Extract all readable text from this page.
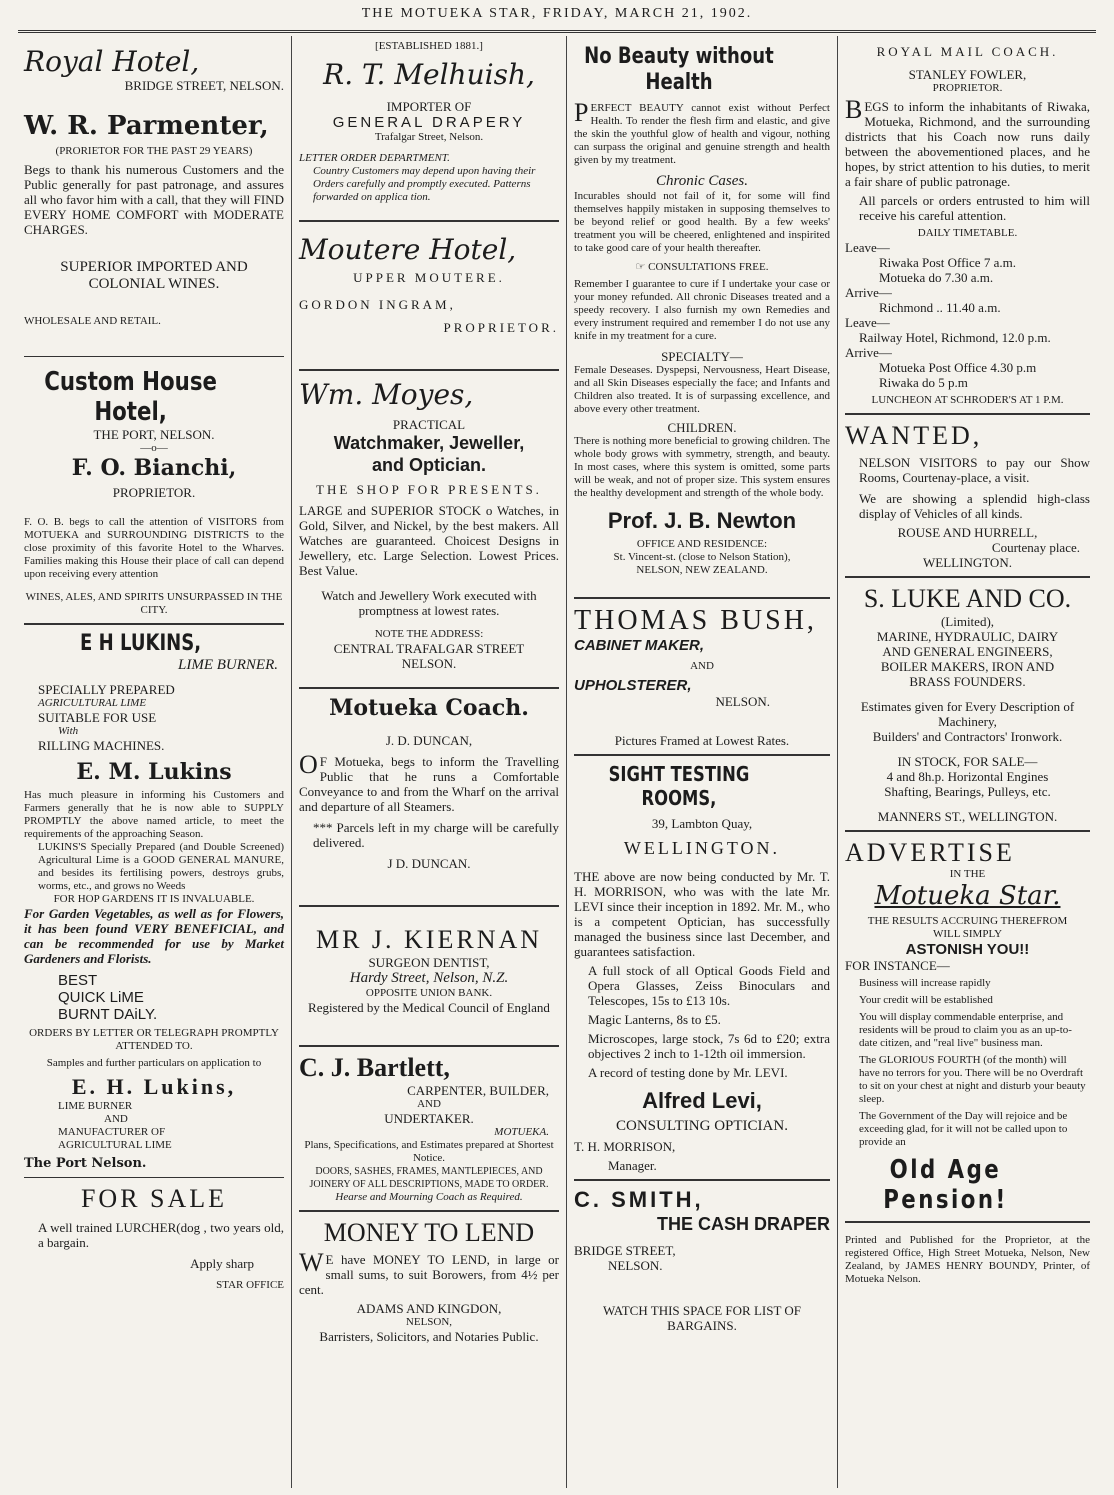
THE MOTUEKA STAR, FRIDAY, MARCH 21, 1902.

Royal Hotel,

BRIDGE STREET, NELSON.

W. R. Parmenter,

(PRORIETOR FOR THE PAST 29 YEARS)

Begs to thank his numerous Customers and the Public generally for past patronage, and assures all who favor him with a call, that they will FIND EVERY HOME COMFORT with MODERATE CHARGES.

SUPERIOR IMPORTED AND COLONIAL WINES.

WHOLESALE AND RETAIL.

Custom House Hotel,

THE PORT, NELSON.

—o—

F. O. Bianchi,

PROPRIETOR.

F. O. B. begs to call the attention of VISITORS from MOTUEKA and SURROUNDING DISTRICTS to the close proximity of this favorite Hotel to the Wharves. Families making this House their place of call can depend upon receiving every attention

WINES, ALES, AND SPIRITS UNSURPASSED IN THE CITY.

E H LUKINS,

LIME BURNER.

SPECIALLY PREPARED

AGRICULTURAL LIME

SUITABLE FOR USE

With

RILLING MACHINES.

E. M. Lukins

Has much pleasure in informing his Customers and Farmers generally that he is now able to SUPPLY PROMPTLY the above named article, to meet the requirements of the approaching Season.

LUKINS'S Specially Prepared (and Double Screened) Agricultural Lime is a GOOD GENERAL MANURE, and besides its fertilising powers, destroys grubs, worms, etc., and grows no Weeds

FOR HOP GARDENS IT IS INVALUABLE.

For Garden Vegetables, as well as for Flowers, it has been found VERY BENEFICIAL, and can be recommended for use by Market Gardeners and Florists.

BEST

QUICK LiME

BURNT DAiLY.

ORDERS BY LETTER OR TELEGRAPH PROMPTLY ATTENDED TO.

Samples and further particulars on application to

E. H. Lukins,

LIME BURNER

AND

MANUFACTURER OF

AGRICULTURAL LIME

The Port Nelson.

FOR SALE

A well trained LURCHER(dog , two years old, a bargain.

Apply sharp

STAR OFFICE

[ESTABLISHED 1881.]

R. T. Melhuish,

IMPORTER OF

GENERAL DRAPERY

Trafalgar Street, Nelson.

LETTER ORDER DEPARTMENT.

Country Customers may depend upon having their Orders carefully and promptly executed. Patterns forwarded on applica tion.

Moutere Hotel,

UPPER MOUTERE.

GORDON INGRAM,

PROPRIETOR.

Wm. Moyes,

PRACTICAL

Watchmaker, Jeweller,

and Optician.

THE SHOP FOR PRESENTS.

LARGE and SUPERIOR STOCK o Watches, in Gold, Silver, and Nickel, by the best makers. All Watches are guaranteed. Choicest Designs in Jewellery, etc. Large Selection. Lowest Prices. Best Value.

Watch and Jewellery Work executed with promptness at lowest rates.

NOTE THE ADDRESS:

CENTRAL TRAFALGAR STREET

NELSON.

Motueka Coach.

J. D. DUNCAN,

OF Motueka, begs to inform the Travelling Public that he runs a Comfortable Conveyance to and from the Wharf on the arrival and departure of all Steamers.

*** Parcels left in my charge will be carefully delivered.

J D. DUNCAN.

MR J. KIERNAN

SURGEON DENTIST,

Hardy Street, Nelson, N.Z.

OPPOSITE UNION BANK.

Registered by the Medical Council of England

C. J. Bartlett,

CARPENTER, BUILDER,

AND

UNDERTAKER.

MOTUEKA.

Plans, Specifications, and Estimates prepared at Shortest Notice.

DOORS, SASHES, FRAMES, MANTLEPIECES, AND JOINERY OF ALL DESCRIPTIONS, MADE TO ORDER.

Hearse and Mourning Coach as Required.

MONEY TO LEND

WE have MONEY TO LEND, in large or small sums, to suit Borowers, from 4½ per cent.

ADAMS AND KINGDON,

NELSON,

Barristers, Solicitors, and Notaries Public.

No Beauty without Health

PERFECT BEAUTY cannot exist without Perfect Health. To render the flesh firm and elastic, and give the skin the youthful glow of health and vigour, nothing can surpass the original and genuine strength and health given by my treatment.

Chronic Cases.

Incurables should not fail of it, for some will find themselves happily mistaken in supposing themselves to be beyond relief or good health. By a few weeks' treatment you will be cheered, enlightened and inspirited to take good care of your health thereafter.

☞ CONSULTATIONS FREE.

Remember I guarantee to cure if I undertake your case or your money refunded. All chronic Diseases treated and a speedy recovery. I also furnish my own Remedies and every instrument required and remember I do not use any knife in my treatment for a cure.

SPECIALTY—

Female Deseases. Dyspepsi, Nervousness, Heart Disease, and all Skin Diseases especially the face; and Infants and Children also treated. It is of surpassing excellence, and above every other treatment.

CHILDREN.

There is nothing more beneficial to growing children. The whole body grows with symmetry, strength, and beauty. In most cases, where this system is omitted, some parts will be weak, and not of proper size. This system ensures the healthy development and strength of the whole body.

Prof. J. B. Newton

OFFICE AND RESIDENCE:

St. Vincent-st. (close to Nelson Station),

NELSON, NEW ZEALAND.

THOMAS BUSH,

CABINET MAKER,

AND

UPHOLSTERER,

NELSON.

Pictures Framed at Lowest Rates.

SIGHT TESTING ROOMS,

39, Lambton Quay,

WELLINGTON.

THE above are now being conducted by Mr. T. H. MORRISON, who was with the late Mr. LEVI since their inception in 1892. Mr. M., who is a competent Optician, has successfully managed the business since last December, and guarantees satisfaction.

A full stock of all Optical Goods Field and Opera Glasses, Zeiss Binoculars and Telescopes, 15s to £13 10s.

Magic Lanterns, 8s to £5.

Microscopes, large stock, 7s 6d to £20; extra objectives 2 inch to 1-12th oil immersion.

A record of testing done by Mr. LEVI.

Alfred Levi,

CONSULTING OPTICIAN.

T. H. MORRISON,

Manager.

C. SMITH,

THE CASH DRAPER

BRIDGE STREET,

NELSON.

WATCH THIS SPACE FOR LIST OF BARGAINS.

ROYAL MAIL COACH.

STANLEY FOWLER,

PROPRIETOR.

BEGS to inform the inhabitants of Riwaka, Motueka, Richmond, and the surrounding districts that his Coach now runs daily between the abovementioned places, and he hopes, by strict attention to his duties, to merit a fair share of public patronage.

All parcels or orders entrusted to him will receive his careful attention.

DAILY TIMETABLE.

Leave—

Riwaka Post Office 7 a.m.

Motueka do 7.30 a.m.

Arrive—

Richmond .. 11.40 a.m.

Leave—

Railway Hotel, Richmond, 12.0 p.m.

Arrive—

Motueka Post Office 4.30 p.m

Riwaka do 5 p.m

LUNCHEON AT SCHRODER'S AT 1 P.M.

WANTED,

NELSON VISITORS to pay our Show Rooms, Courtenay-place, a visit.

We are showing a splendid high-class display of Vehicles of all kinds.

ROUSE AND HURRELL,

Courtenay place.

WELLINGTON.

S. LUKE AND CO.

(Limited),

MARINE, HYDRAULIC, DAIRY

AND GENERAL ENGINEERS,

BOILER MAKERS, IRON AND

BRASS FOUNDERS.

Estimates given for Every Description of Machinery,

Builders' and Contractors' Ironwork.

IN STOCK, FOR SALE—

4 and 8h.p. Horizontal Engines

Shafting, Bearings, Pulleys, etc.

MANNERS ST., WELLINGTON.

ADVERTISE

IN THE

Motueka Star.

THE RESULTS ACCRUING THEREFROM

WILL SIMPLY

ASTONISH YOU!!

FOR INSTANCE—

Business will increase rapidly

Your credit will be established

You will display commendable enterprise, and residents will be proud to claim you as an up-to-date citizen, and "real live" business man.

The GLORIOUS FOURTH (of the month) will have no terrors for you. There will be no Overdraft to sit on your chest at night and disturb your beauty sleep.

The Government of the Day will rejoice and be exceeding glad, for it will not be called upon to provide an

Old Age Pension!

Printed and Published for the Proprietor, at the registered Office, High Street Motueka, Nelson, New Zealand, by JAMES HENRY BOUNDY, Printer, of Motueka Nelson.
